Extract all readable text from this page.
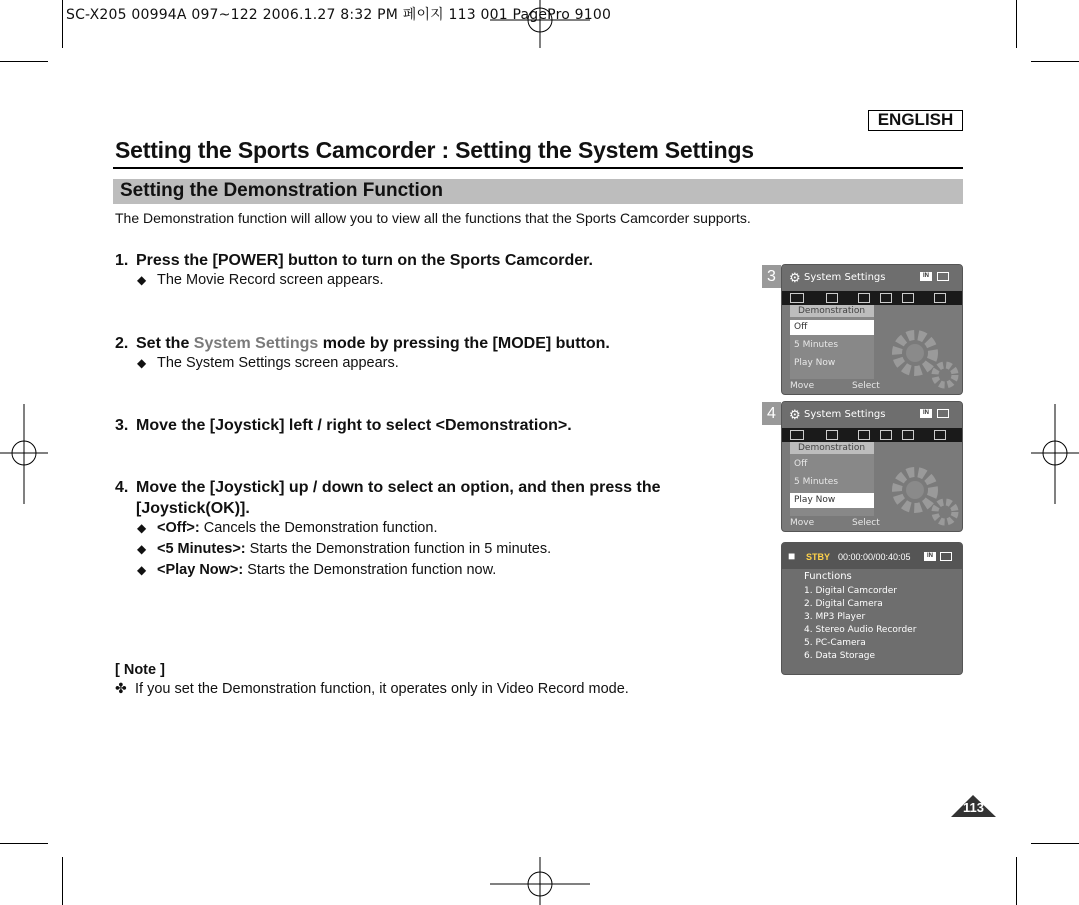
SC-X205 00994A 097~122 2006.1.27 8:32 PM 페이지 113 001 PagePro 9100
ENGLISH
Setting the Sports Camcorder : Setting the System Settings
Setting the Demonstration Function
The Demonstration function will allow you to view all the functions that the Sports Camcorder supports.
1. Press the [POWER] button to turn on the Sports Camcorder.
◆ The Movie Record screen appears.
2. Set the System Settings mode by pressing the [MODE] button.
◆ The System Settings screen appears.
3. Move the [Joystick] left / right to select <Demonstration>.
4. Move the [Joystick] up / down to select an option, and then press the
[Joystick(OK)].
◆ <Off>: Cancels the Demonstration function.
◆ <5 Minutes>: Starts the Demonstration function in 5 minutes.
◆ <Play Now>: Starts the Demonstration function now.
[ Note ]
✤ If you set the Demonstration function, it operates only in Video Record mode.
113
3	⚙ System Settings	IN
Demonstration
Off
5 Minutes
Play Now
Move	Select
4	⚙ System Settings	IN
Demonstration
Off
5 Minutes
Play Now
Move	Select
■ STBY 00:00:00/00:40:05	IN
Functions
1. Digital Camcorder
2. Digital Camera
3. MP3 Player
4. Stereo Audio Recorder
5. PC-Camera
6. Data Storage
